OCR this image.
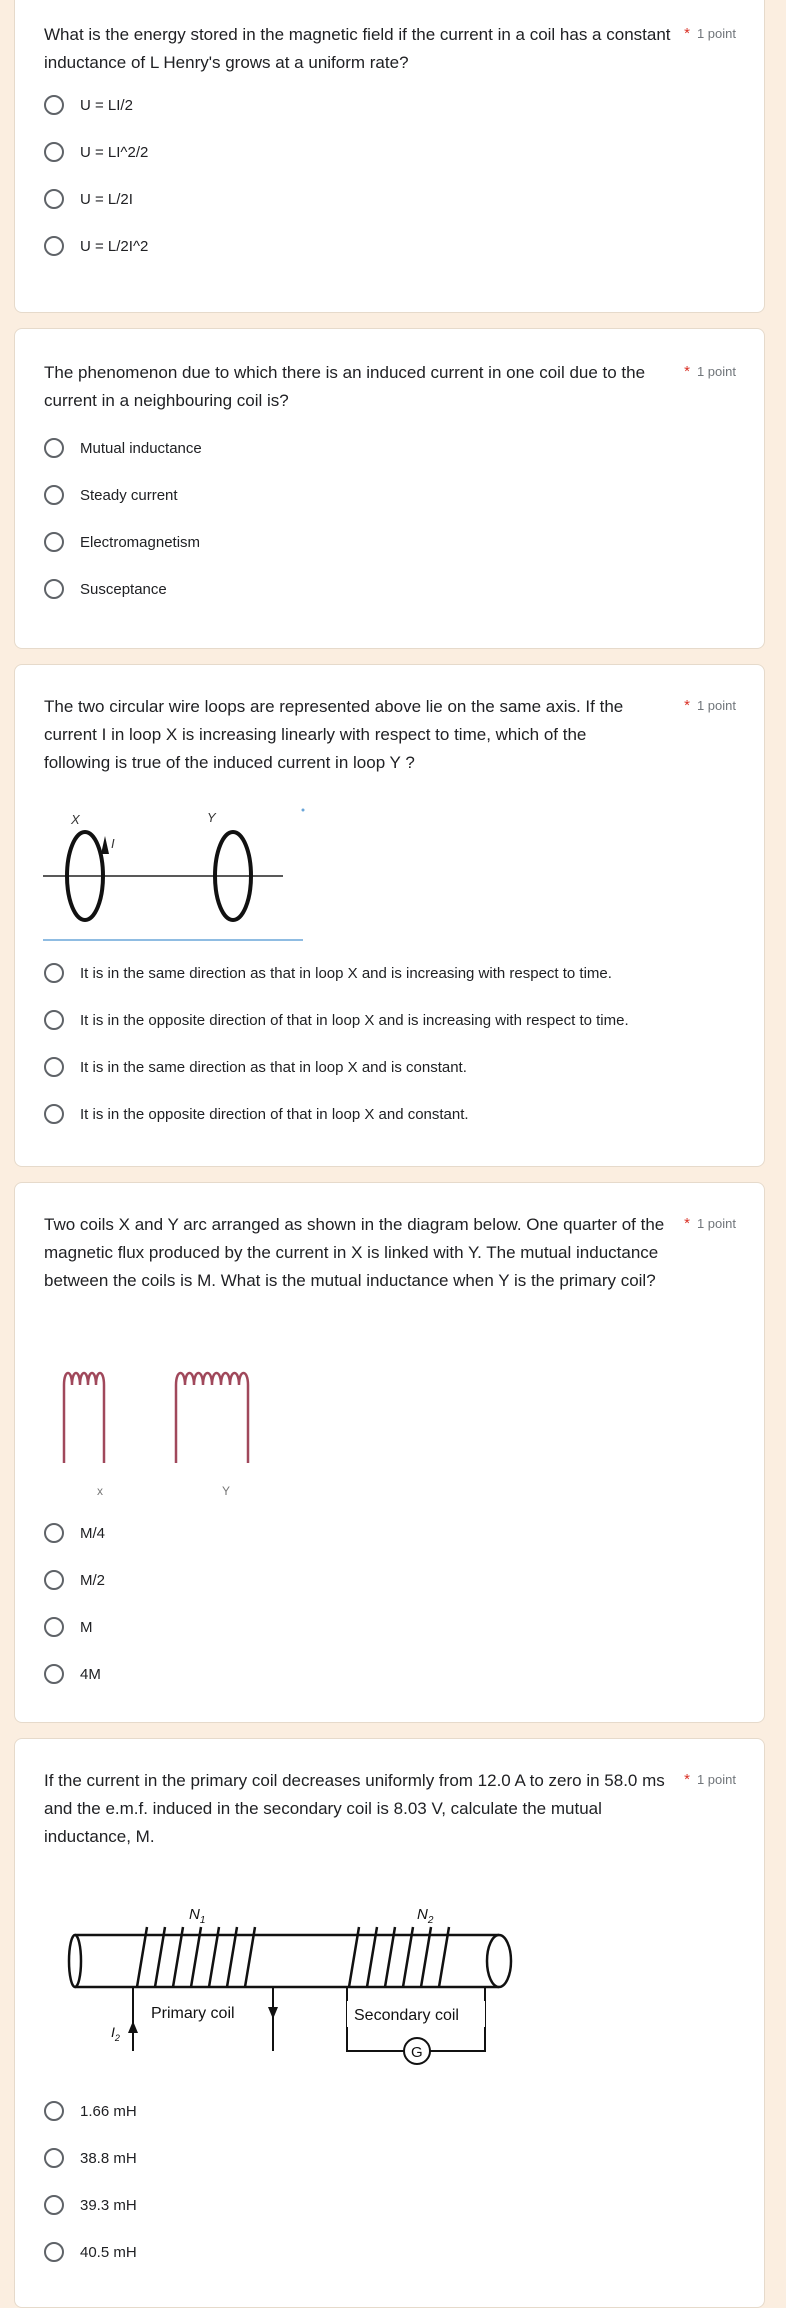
What is the energy stored in the magnetic field if the current in a coil has a constant inductance of L Henry's grows at a uniform rate?
* 1 point
U = LI/2
U = LI^2/2
U = L/2I
U = L/2I^2
The phenomenon due to which there is an induced current in one coil due to the current in a neighbouring coil is?
* 1 point
Mutual inductance
Steady current
Electromagnetism
Susceptance
The two circular wire loops are represented above lie on the same axis. If the current I in loop X is increasing linearly with respect to time, which of the following is true of the induced current in loop Y ?
* 1 point
X	Y
I
It is in the same direction as that in loop X and is increasing with respect to time.
It is in the opposite direction of that in loop X and is increasing with respect to time.
It is in the same direction as that in loop X and is constant.
It is in the opposite direction of that in loop X and constant.
Two coils X and Y arc arranged as shown in the diagram below. One quarter of the magnetic flux produced by the current in X is linked with Y. The mutual inductance between the coils is M. What is the mutual inductance when Y is the primary coil?
* 1 point
x	Y
M/4
M/2
M
4M
If the current in the primary coil decreases uniformly from 12.0 A to zero in 58.0 ms and the e.m.f. induced in the secondary coil is 8.03 V, calculate the mutual inductance, M.
* 1 point
$N_1$	$N_2$
$I_2$
Primary coil	Secondary coil
G
1.66 mH
38.8 mH
39.3 mH
40.5 mH
